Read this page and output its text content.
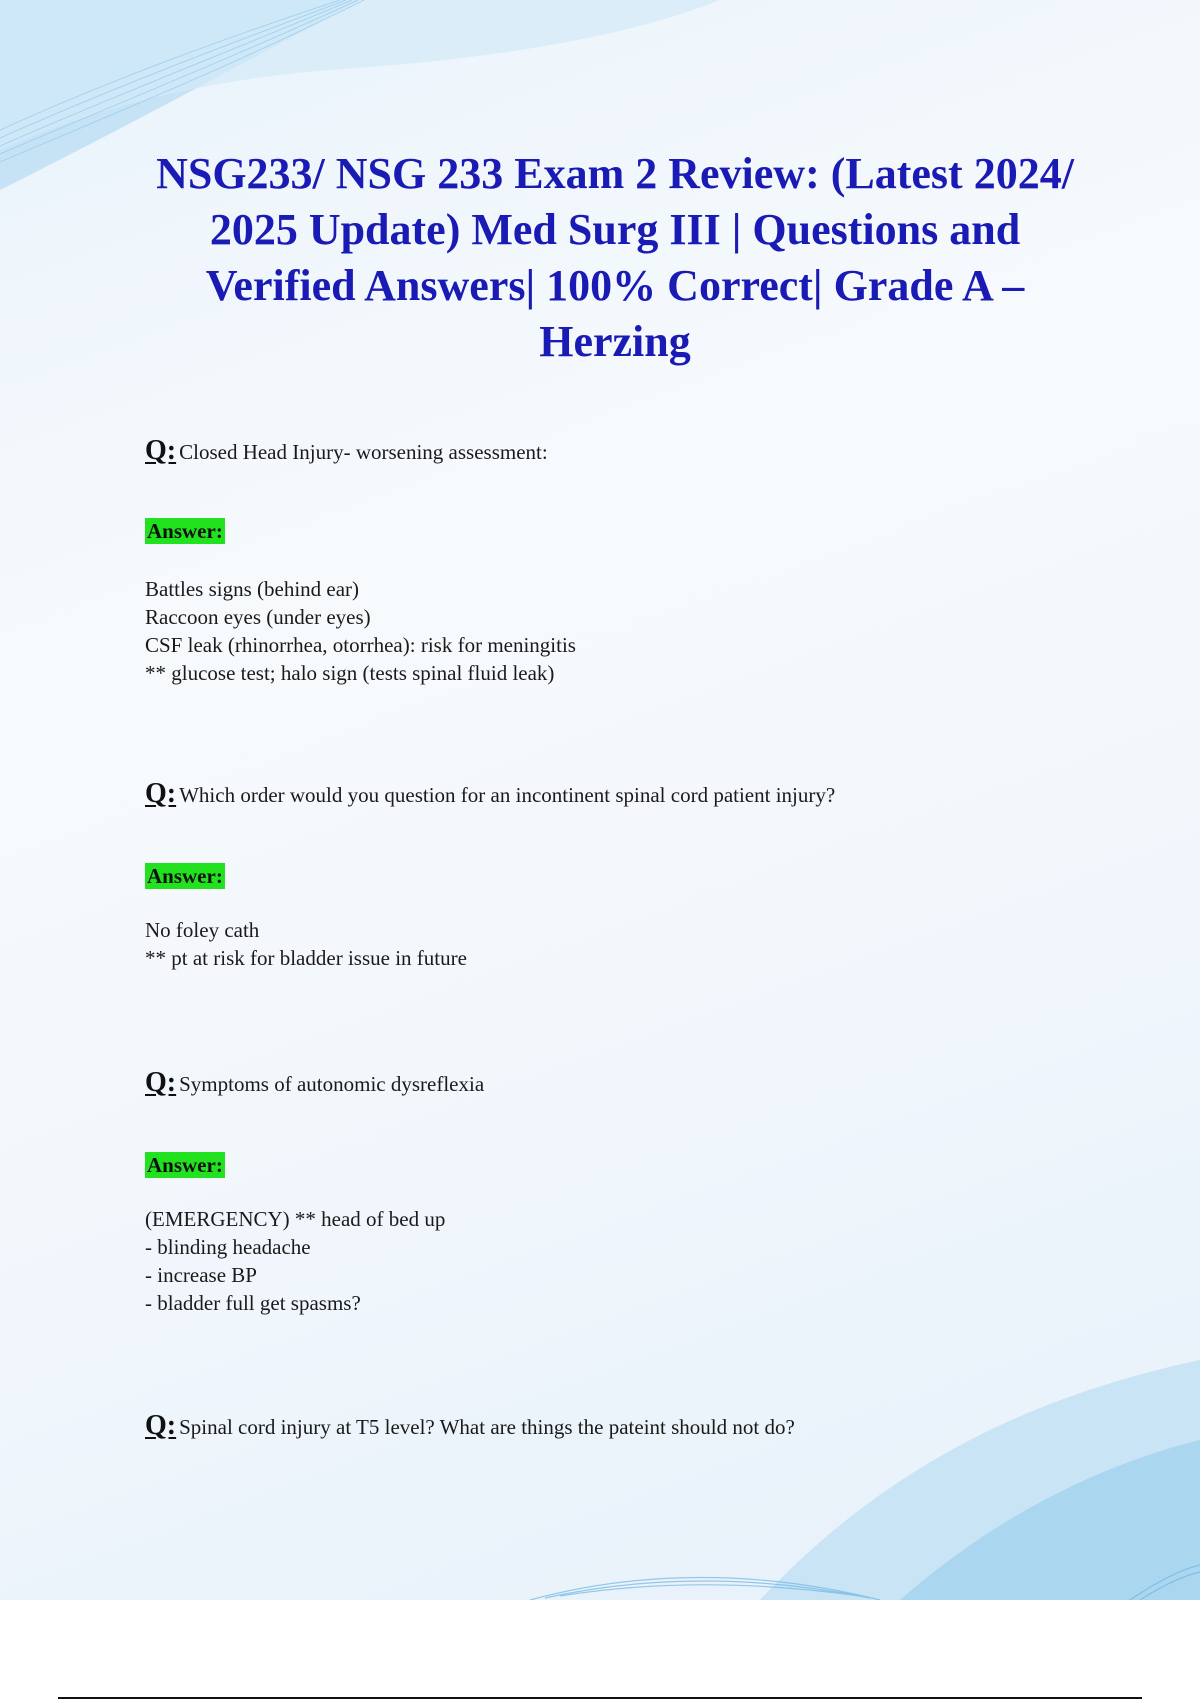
NSG233/ NSG 233 Exam 2 Review: (Latest 2024/ 2025 Update) Med Surg III | Questions and Verified Answers| 100% Correct| Grade A – Herzing

Q: Closed Head Injury- worsening assessment:

Answer:
Battles signs (behind ear)
Raccoon eyes (under eyes)
CSF leak (rhinorrhea, otorrhea): risk for meningitis
** glucose test; halo sign (tests spinal fluid leak)

Q: Which order would you question for an incontinent spinal cord patient injury?

Answer:
No foley cath
** pt at risk for bladder issue in future

Q: Symptoms of autonomic dysreflexia

Answer:
(EMERGENCY) ** head of bed up
- blinding headache
- increase BP
- bladder full get spasms?

Q: Spinal cord injury at T5 level? What are things the pateint should not do?
